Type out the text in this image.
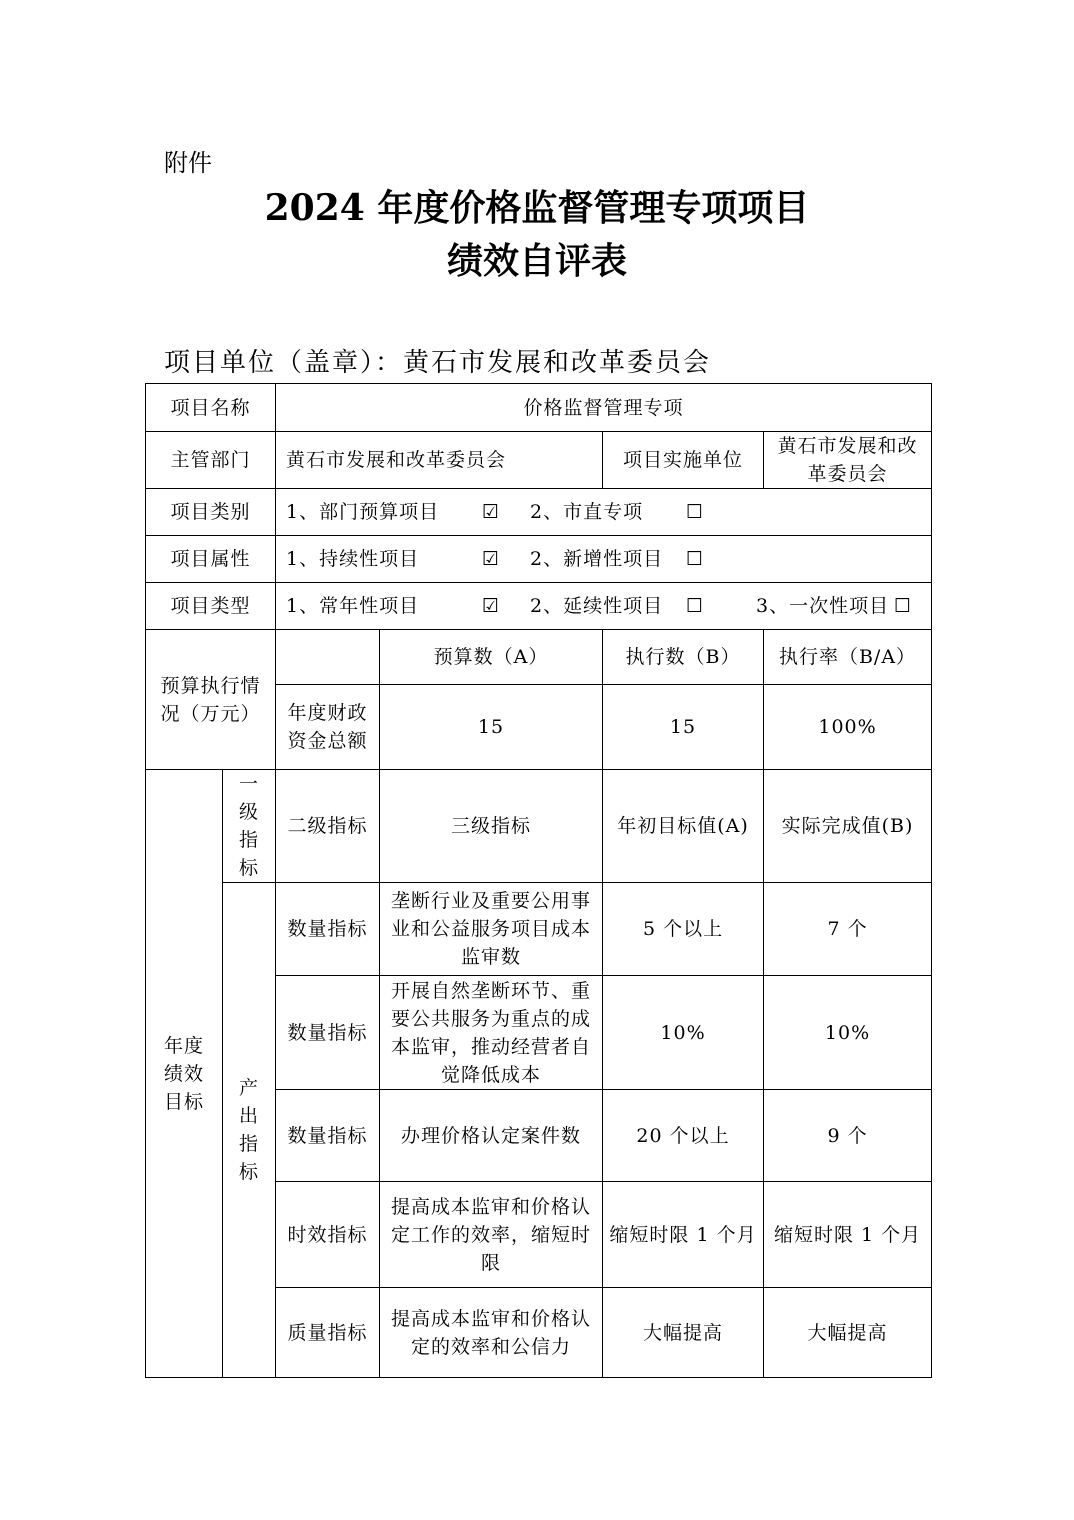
附件
2024 年度价格监督管理专项项目
绩效自评表
项目单位（盖章）：黄石市发展和改革委员会
项目名称		价格监督管理专项			
主管部门		黄石市发展和改革委员会		项目实施单位	黄石市发展和改革委员会
项目类别		1、部门预算项目 ☑ 2、市直专项 ☐			
项目属性		1、持续性项目 ☑ 2、新增性项目 ☐			
项目类型		1、常年性项目 ☑ 2、延续性项目 ☐ 3、一次性项目 ☐			
预算执行情况（万元）			预算数（A）	执行数（B）	执行率（B/A）
		年度财政资金总额	15	15	100%
年度绩效目标	一级指标	二级指标	三级指标	年初目标值(A)	实际完成值(B)
	产出指标	数量指标	垄断行业及重要公用事业和公益服务项目成本监审数	5 个以上	7 个
		数量指标	开展自然垄断环节、重要公共服务为重点的成本监审，推动经营者自觉降低成本	10%	10%
		数量指标	办理价格认定案件数	20 个以上	9 个
		时效指标	提高成本监审和价格认定工作的效率，缩短时限	缩短时限 1 个月	缩短时限 1 个月
		质量指标	提高成本监审和价格认定的效率和公信力	大幅提高	大幅提高
